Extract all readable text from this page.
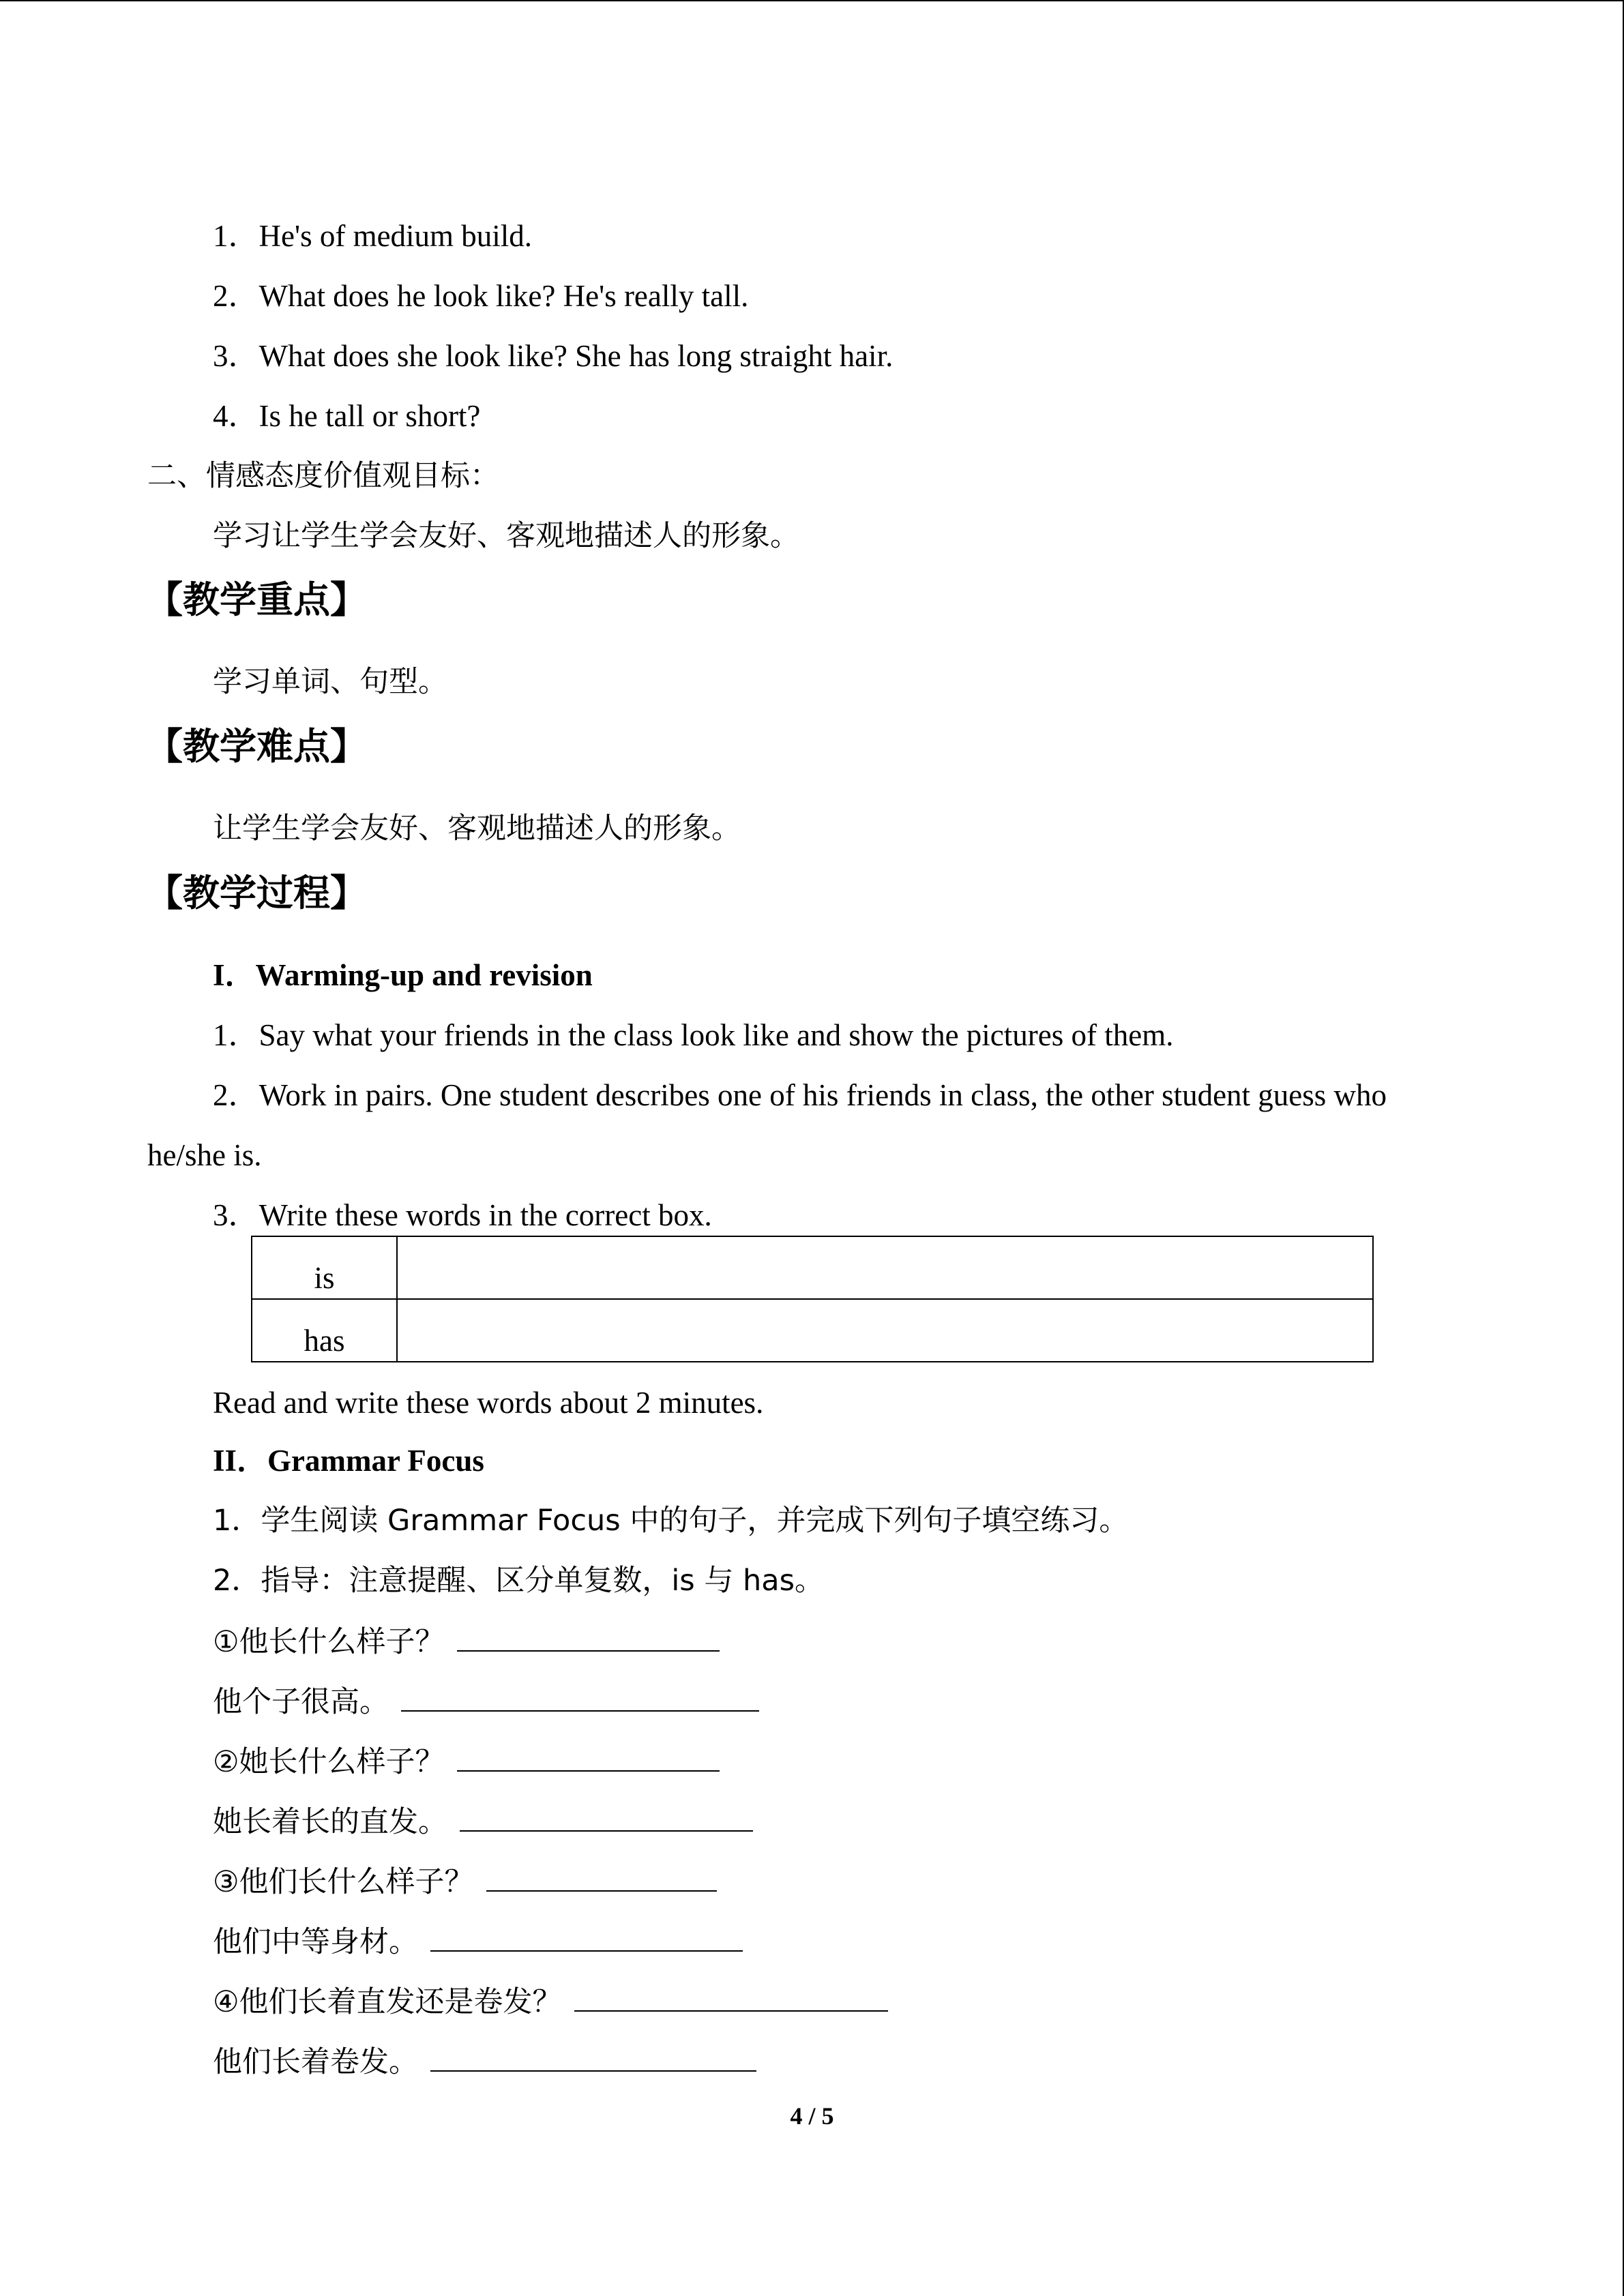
1．He's of medium build.
2．What does he look like? He's really tall.
3．What does she look like? She has long straight hair.
4．Is he tall or short?
二、情感态度价值观目标：
学习让学生学会友好、客观地描述人的形象。
【教学重点】
学习单词、句型。
【教学难点】
让学生学会友好、客观地描述人的形象。
【教学过程】
I．Warming-up and revision
1．Say what your friends in the class look like and show the pictures of them.
2．Work in pairs. One student describes one of his friends in class, the other student guess who
he/she is.
3．Write these words in the correct box.
is	
has	
Read and write these words about 2 minutes.
II．Grammar Focus
1．学生阅读 Grammar Focus 中的句子，并完成下列句子填空练习。
2．指导：注意提醒、区分单复数，is 与 has。
①他长什么样子？
他个子很高。
②她长什么样子？
她长着长的直发。
③他们长什么样子？
他们中等身材。
④他们长着直发还是卷发？
他们长着卷发。
4 / 5
